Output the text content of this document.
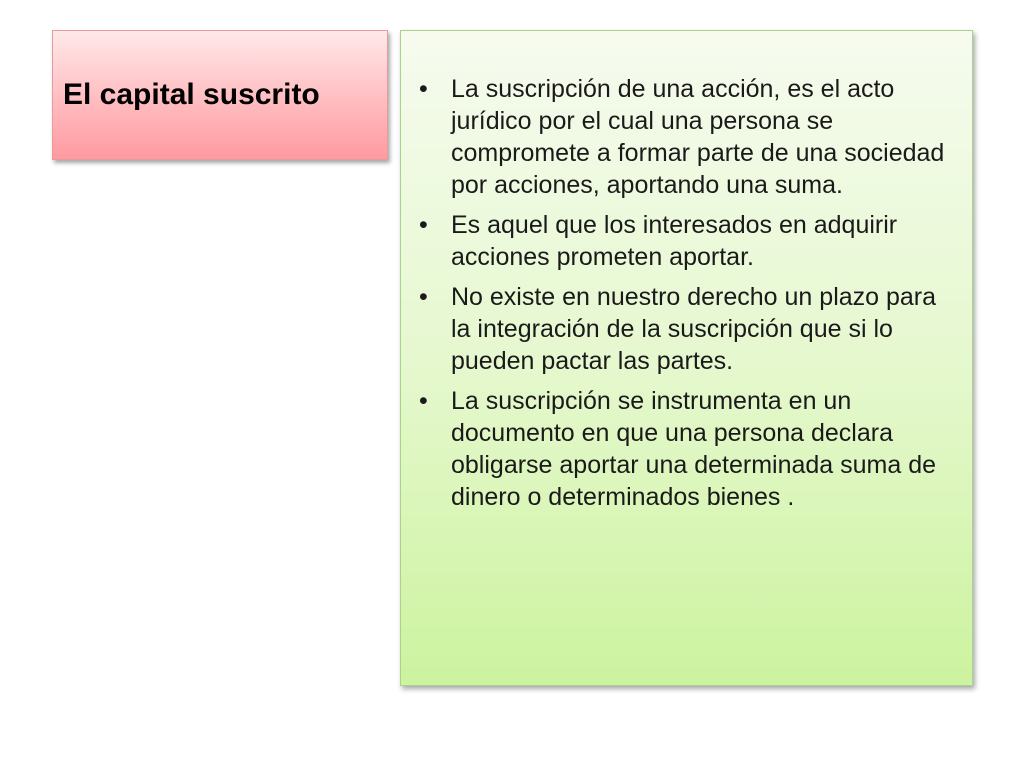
El capital suscrito	• La suscripción de una acción, es el acto jurídico por el cual una persona se compromete a formar parte de una sociedad por acciones, aportando una suma.
• Es aquel que los interesados en adquirir acciones prometen aportar.
• No existe en nuestro derecho un plazo para la integración de la suscripción que si lo pueden pactar las partes.
• La suscripción se instrumenta en un documento en que una persona declara obligarse aportar una determinada suma de dinero o determinados bienes .
